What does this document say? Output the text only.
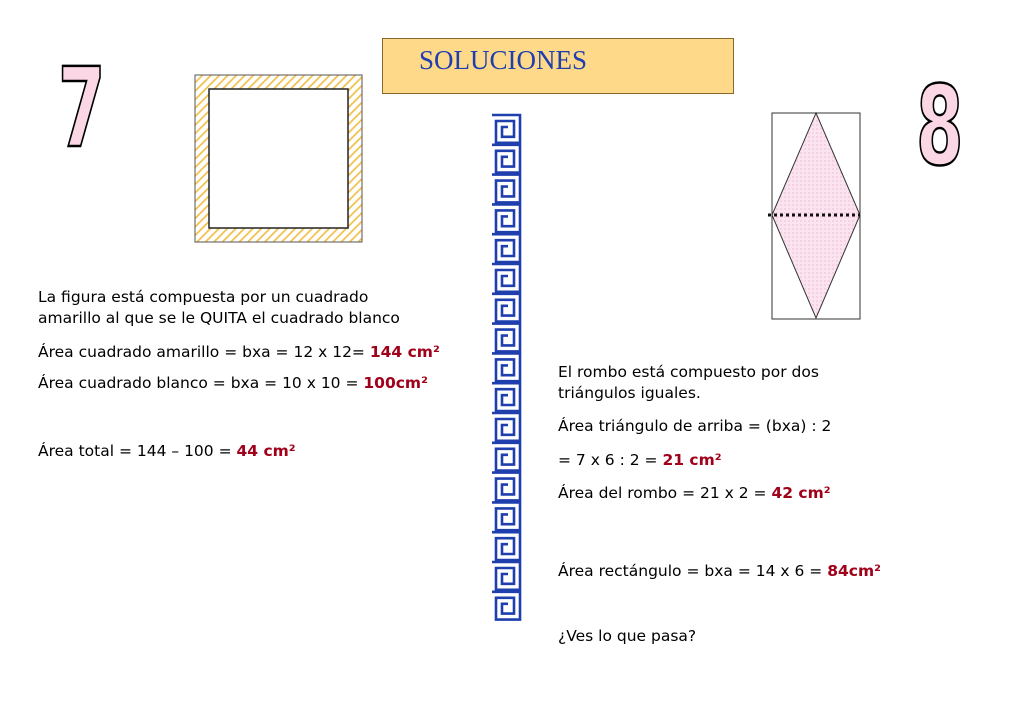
SOLUCIONES
7	8
La figura está compuesta por un cuadrado
amarillo al que se le QUITA el cuadrado blanco
Área cuadrado amarillo = bxa = 12 x 12= 144 cm²
Área cuadrado blanco = bxa = 10 x 10 = 100cm²
Área total = 144 – 100 = 44 cm²
El rombo está compuesto por dos
triángulos iguales.
Área triángulo de arriba = (bxa) : 2
= 7 x 6 : 2 = 21 cm²
Área del rombo = 21 x 2 = 42 cm²
Área rectángulo = bxa = 14 x 6 = 84cm²
¿Ves lo que pasa?
